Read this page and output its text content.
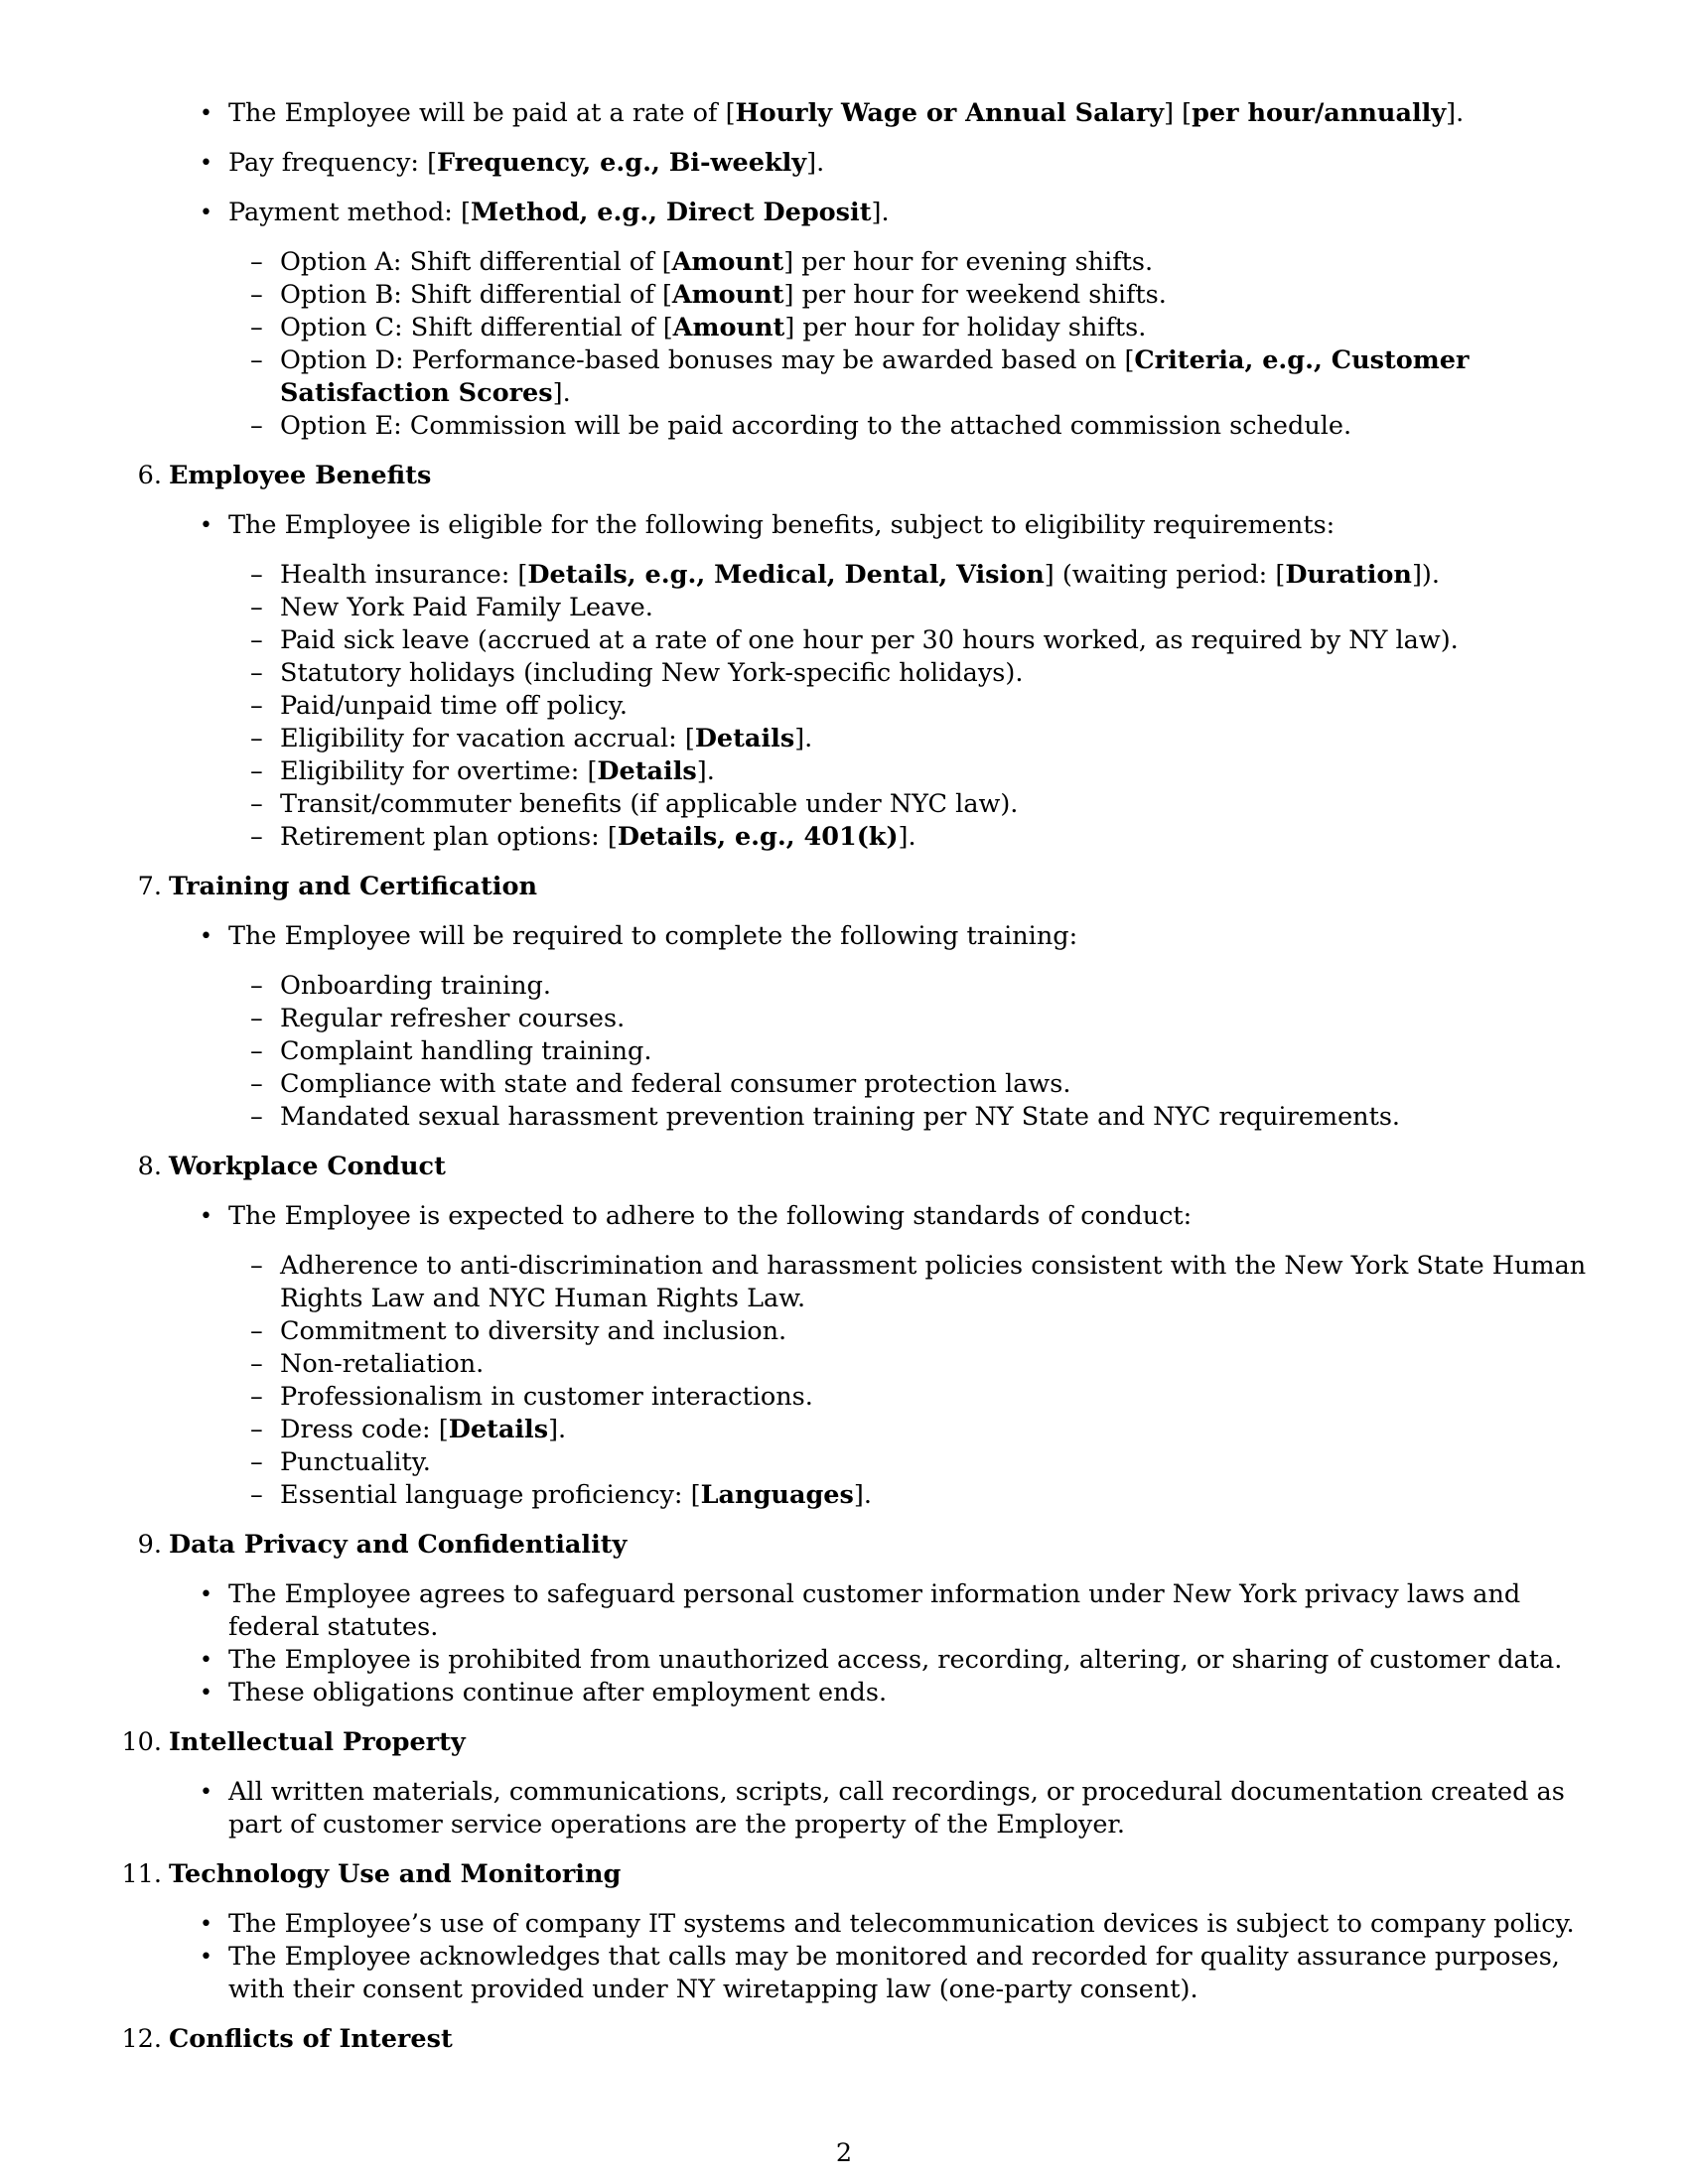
• The Employee will be paid at a rate of [Hourly Wage or Annual Salary] [per hour/annually].
• Pay frequency: [Frequency, e.g., Bi-weekly].
• Payment method: [Method, e.g., Direct Deposit].
– Option A: Shift differential of [Amount] per hour for evening shifts.
– Option B: Shift differential of [Amount] per hour for weekend shifts.
– Option C: Shift differential of [Amount] per hour for holiday shifts.
– Option D: Performance-based bonuses may be awarded based on [Criteria, e.g., Customer Satisfaction Scores].
– Option E: Commission will be paid according to the attached commission schedule.
6. Employee Benefits
• The Employee is eligible for the following benefits, subject to eligibility requirements:
– Health insurance: [Details, e.g., Medical, Dental, Vision] (waiting period: [Duration]).
– New York Paid Family Leave.
– Paid sick leave (accrued at a rate of one hour per 30 hours worked, as required by NY law).
– Statutory holidays (including New York-specific holidays).
– Paid/unpaid time off policy.
– Eligibility for vacation accrual: [Details].
– Eligibility for overtime: [Details].
– Transit/commuter benefits (if applicable under NYC law).
– Retirement plan options: [Details, e.g., 401(k)].
7. Training and Certification
• The Employee will be required to complete the following training:
– Onboarding training.
– Regular refresher courses.
– Complaint handling training.
– Compliance with state and federal consumer protection laws.
– Mandated sexual harassment prevention training per NY State and NYC requirements.
8. Workplace Conduct
• The Employee is expected to adhere to the following standards of conduct:
– Adherence to anti-discrimination and harassment policies consistent with the New York State Human Rights Law and NYC Human Rights Law.
– Commitment to diversity and inclusion.
– Non-retaliation.
– Professionalism in customer interactions.
– Dress code: [Details].
– Punctuality.
– Essential language proficiency: [Languages].
9. Data Privacy and Confidentiality
• The Employee agrees to safeguard personal customer information under New York privacy laws and federal statutes.
• The Employee is prohibited from unauthorized access, recording, altering, or sharing of customer data.
• These obligations continue after employment ends.
10. Intellectual Property
• All written materials, communications, scripts, call recordings, or procedural documentation created as part of customer service operations are the property of the Employer.
11. Technology Use and Monitoring
• The Employee’s use of company IT systems and telecommunication devices is subject to company policy.
• The Employee acknowledges that calls may be monitored and recorded for quality assurance purposes, with their consent provided under NY wiretapping law (one-party consent).
12. Conflicts of Interest
2
